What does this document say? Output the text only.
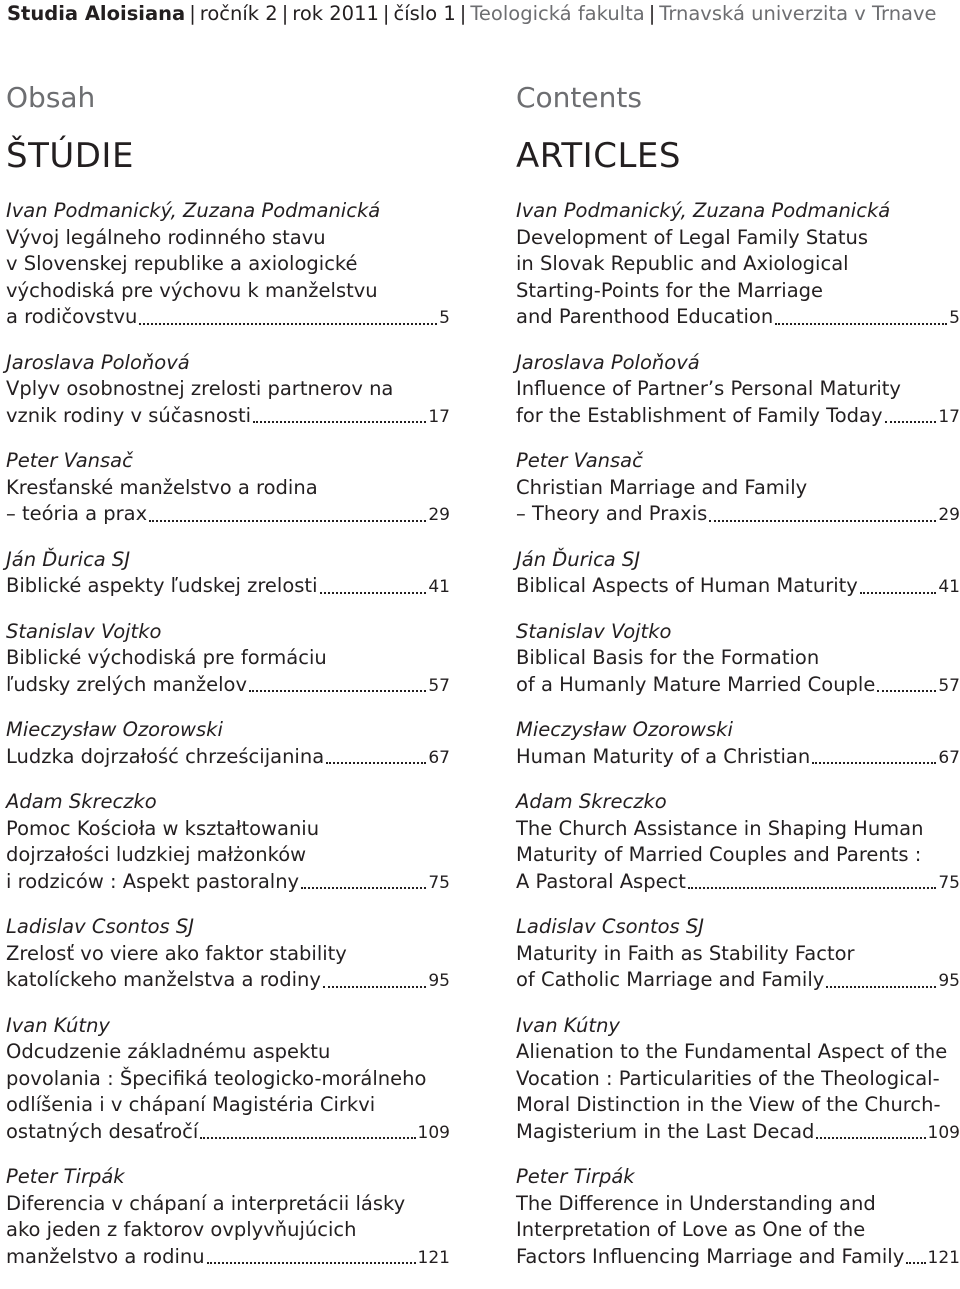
Studia Aloisiana | ročník 2 | rok 2011 | číslo 1 | Teologická fakulta | Trnavská univerzita v Trnave
Obsah
ŠTÚDIE
Ivan Podmanický, Zuzana Podmanická
Vývoj legálneho rodinného stavu
v Slovenskej republike a axiologické
východiská pre výchovu k manželstvu
a rodičovstvu	5
Jaroslava Poloňová
Vplyv osobnostnej zrelosti partnerov na
vznik rodiny v súčasnosti	17
Peter Vansač
Kresťanské manželstvo a rodina
– teória a prax	29
Ján Ďurica SJ
Biblické aspekty ľudskej zrelosti	41
Stanislav Vojtko
Biblické východiská pre formáciu
ľudsky zrelých manželov	57
Mieczysław Ozorowski
Ludzka dojrzałość chrześcijanina	67
Adam Skreczko
Pomoc Kościoła w kształtowaniu
dojrzałości ludzkiej małżonków
i rodziców : Aspekt pastoralny	75
Ladislav Csontos SJ
Zrelosť vo viere ako faktor stability
katolíckeho manželstva a rodiny	95
Ivan Kútny
Odcudzenie základnému aspektu
povolania : Špecifiká teologicko-morálneho
odlíšenia i v chápaní Magistéria Cirkvi
ostatných desaťročí	109
Peter Tirpák
Diferencia v chápaní a interpretácii lásky
ako jeden z faktorov ovplyvňujúcich
manželstvo a rodinu	121
Contents
ARTICLES
Ivan Podmanický, Zuzana Podmanická
Development of Legal Family Status
in Slovak Republic and Axiological
Starting-Points for the Marriage
and Parenthood Education	5
Jaroslava Poloňová
Influence of Partner’s Personal Maturity
for the Establishment of Family Today	17
Peter Vansač
Christian Marriage and Family
– Theory and Praxis	29
Ján Ďurica SJ
Biblical Aspects of Human Maturity	41
Stanislav Vojtko
Biblical Basis for the Formation
of a Humanly Mature Married Couple	57
Mieczysław Ozorowski
Human Maturity of a Christian	67
Adam Skreczko
The Church Assistance in Shaping Human
Maturity of Married Couples and Parents :
A Pastoral Aspect	75
Ladislav Csontos SJ
Maturity in Faith as Stability Factor
of Catholic Marriage and Family	95
Ivan Kútny
Alienation to the Fundamental Aspect of the
Vocation : Particularities of the Theological-
Moral Distinction in the View of the Church-
Magisterium in the Last Decad	109
Peter Tirpák
The Difference in Understanding and
Interpretation of Love as One of the
Factors Influencing Marriage and Family 121
